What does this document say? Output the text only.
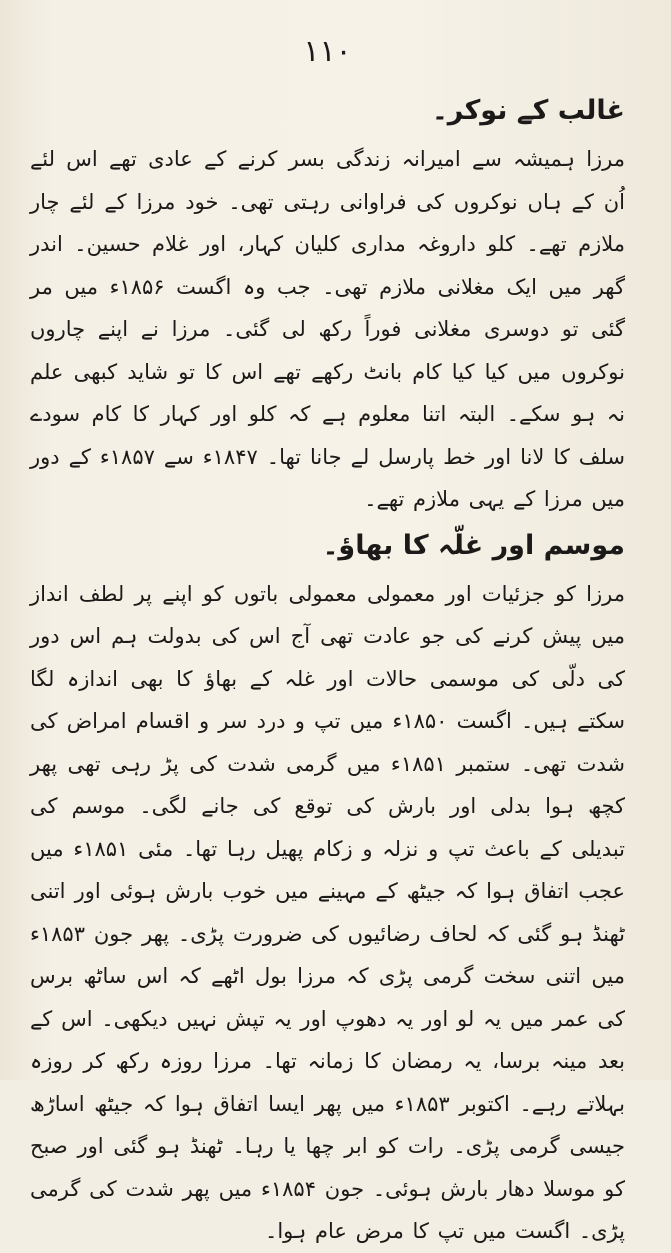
١١٠
غالب کے نوکر۔

مرزا ہمیشہ سے امیرانہ زندگی بسر کرنے کے عادی تھے اس لئے اُن کے ہاں نوکروں کی فراوانی رہتی تھی۔ خود مرزا کے لئے چار ملازم تھے۔ کلو داروغہ مداری کلیان کہار، اور غلام حسین۔ اندر گھر میں ایک مغلانی ملازم تھی۔ جب وہ اگست ۱۸۵۶ء میں مر گئی تو دوسری مغلانی فوراً رکھ لی گئی۔ مرزا نے اپنے چاروں نوکروں میں کیا کیا کام بانٹ رکھے تھے اس کا تو شاید کبھی علم نہ ہو سکے۔ البتہ اتنا معلوم ہے کہ کلو اور کہار کا کام سودے سلف کا لانا اور خط پارسل لے جانا تھا۔ ۱۸۴۷ء سے ۱۸۵۷ء کے دور میں مرزا کے یہی ملازم تھے۔

موسم اور غلّہ کا بھاؤ۔

مرزا کو جزئیات اور معمولی معمولی باتوں کو اپنے پر لطف انداز میں پیش کرنے کی جو عادت تھی آج اس کی بدولت ہم اس دور کی دلّی کی موسمی حالات اور غلہ کے بھاؤ کا بھی اندازہ لگا سکتے ہیں۔ اگست ۱۸۵۰ء میں تپ و درد سر و اقسام امراض کی شدت تھی۔ ستمبر ۱۸۵۱ء میں گرمی شدت کی پڑ رہی تھی پھر کچھ ہوا بدلی اور بارش کی توقع کی جانے لگی۔ موسم کی تبدیلی کے باعث تپ و نزلہ و زکام پھیل رہا تھا۔ مئی ۱۸۵۱ء میں عجب اتفاق ہوا کہ جیٹھ کے مہینے میں خوب بارش ہوئی اور اتنی ٹھنڈ ہو گئی کہ لحاف رضائیوں کی ضرورت پڑی۔ پھر جون ۱۸۵۳ء میں اتنی سخت گرمی پڑی کہ مرزا بول اٹھے کہ اس ساٹھ برس کی عمر میں یہ لو اور یہ دھوپ اور یہ تپش نہیں دیکھی۔ اس کے بعد مینہ برسا، یہ رمضان کا زمانہ تھا۔ مرزا روزہ رکھ کر روزہ بہلاتے رہے۔ اکتوبر ۱۸۵۳ء میں پھر ایسا اتفاق ہوا کہ جیٹھ اساڑھ جیسی گرمی پڑی۔ رات کو ابر چھا یا رہا۔ ٹھنڈ ہو گئی اور صبح کو موسلا دھار بارش ہوئی۔ جون ۱۸۵۴ء میں پھر شدت کی گرمی پڑی۔ اگست میں تپ کا مرض عام ہوا۔
